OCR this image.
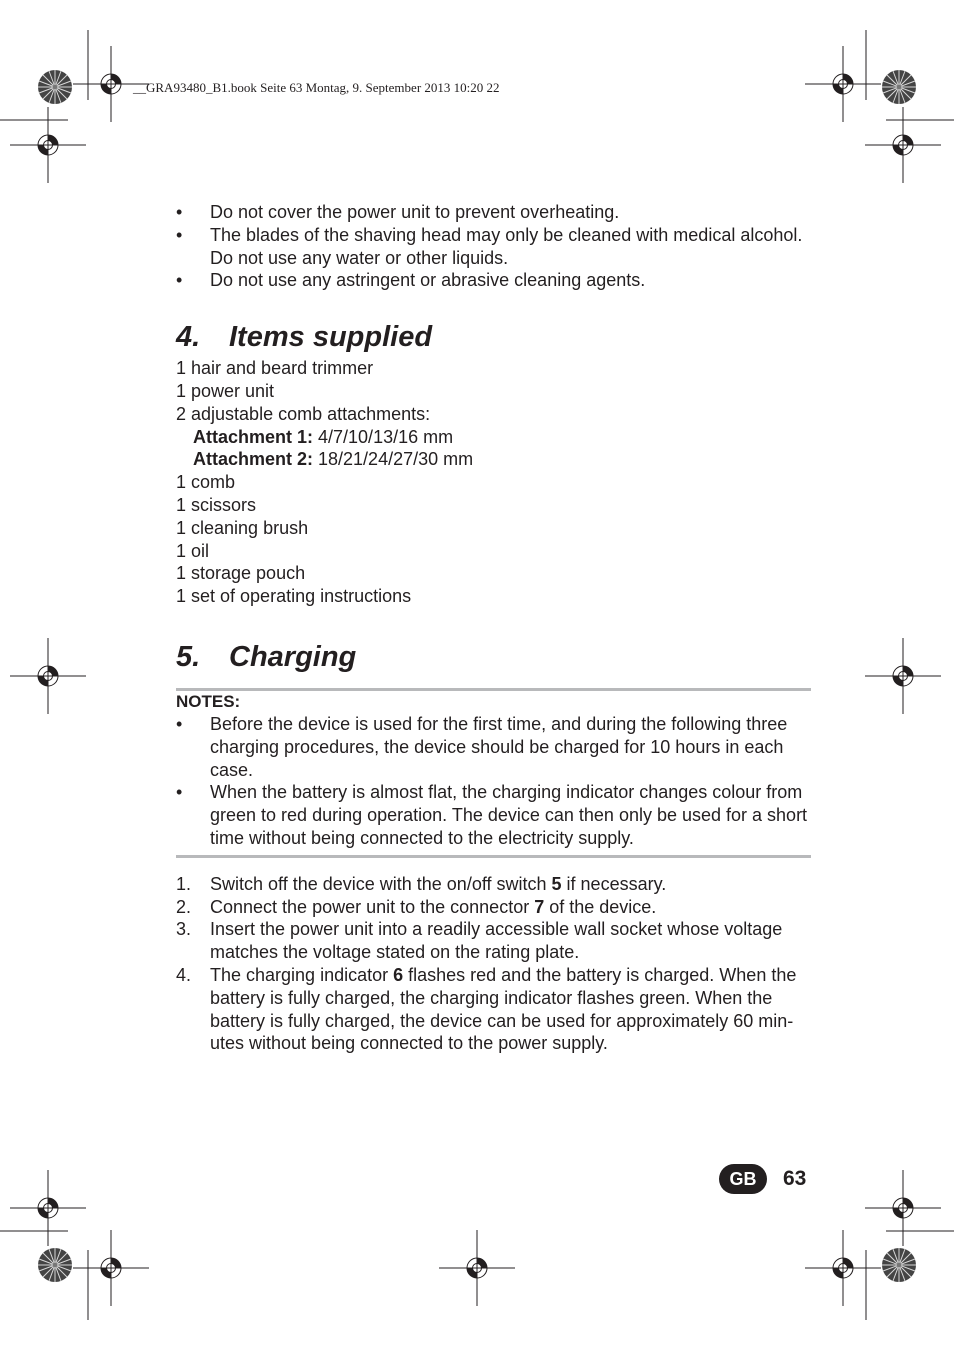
__GRA93480_B1.book Seite 63 Montag, 9. September 2013 10:20 22

• Do not cover the power unit to prevent overheating.

• The blades of the shaving head may only be cleaned with medical alcohol. Do not use any water or other liquids.

• Do not use any astringent or abrasive cleaning agents.

4. Items supplied

1 hair and beard trimmer

1 power unit

2 adjustable comb attachments:

Attachment 1: 4/7/10/13/16 mm

Attachment 2: 18/21/24/27/30 mm

1 comb

1 scissors

1 cleaning brush

1 oil

1 storage pouch

1 set of operating instructions

5. Charging

NOTES:

• Before the device is used for the first time, and during the following three charging procedures, the device should be charged for 10 hours in each case.

• When the battery is almost flat, the charging indicator changes colour from green to red during operation. The device can then only be used for a short time without being connected to the electricity supply.

1. Switch off the device with the on/off switch 5 if necessary.

2. Connect the power unit to the connector 7 of the device.

3. Insert the power unit into a readily accessible wall socket whose voltage matches the voltage stated on the rating plate.

4. The charging indicator 6 flashes red and the battery is charged. When the battery is fully charged, the charging indicator flashes green. When the battery is fully charged, the device can be used for approximately 60 min-utes without being connected to the power supply.

GB	63
